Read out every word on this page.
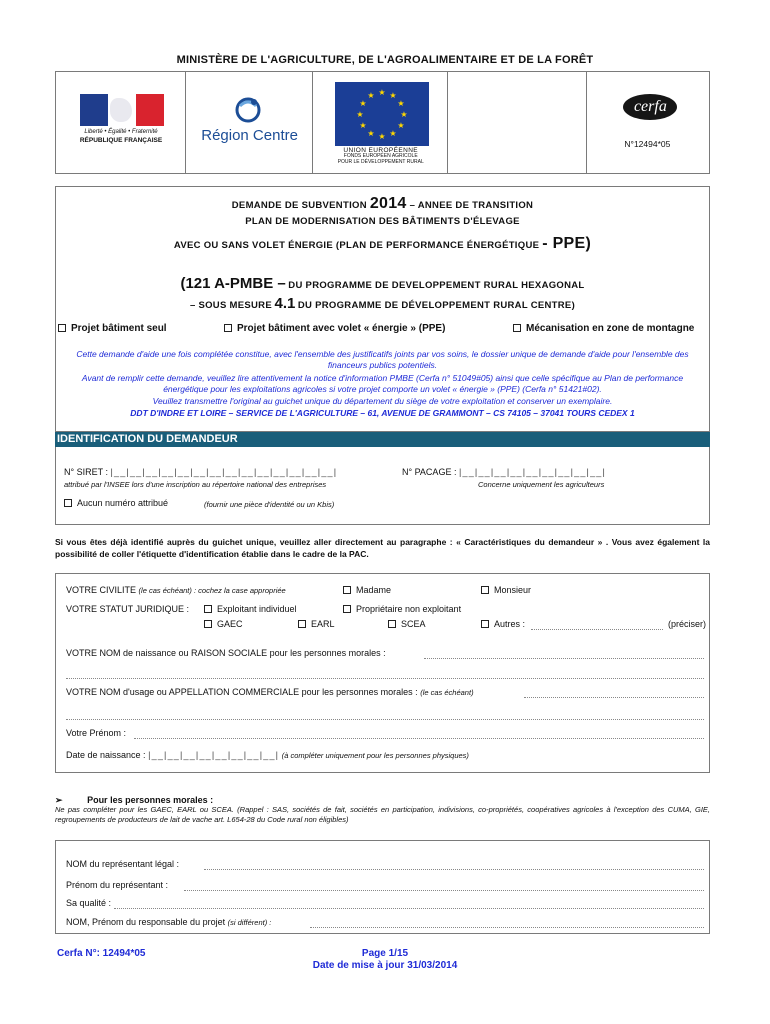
MINISTÈRE DE L'AGRICULTURE, DE L'AGROALIMENTAIRE ET DE LA FORÊT
Liberté • Égalité • Fraternité
RÉPUBLIQUE FRANÇAISE	Région Centre
★ ★
★
★
★
★
★
★
★
★
★
★
UNION EUROPÉENNE
FONDS EUROPÉEN AGRICOLE
POUR LE DÉVELOPPEMENT RURAL
cerfa
N°12494*05
DEMANDE DE SUBVENTION 2014 – ANNEE DE TRANSITION
PLAN DE MODERNISATION DES BÂTIMENTS D'ÉLEVAGE
AVEC OU SANS VOLET ÉNERGIE (PLAN DE PERFORMANCE ÉNERGÉTIQUE - PPE)
(121 A-PMBE – DU PROGRAMME DE DEVELOPPEMENT RURAL HEXAGONAL
– SOUS MESURE 4.1 DU PROGRAMME DE DÉVELOPPEMENT RURAL CENTRE)
Projet bâtiment seul	Projet bâtiment avec volet « énergie » (PPE)	Mécanisation en zone de montagne
Cette demande d'aide une fois complétée constitue, avec l'ensemble des justificatifs joints par vos soins, le dossier unique de demande d'aide pour l'ensemble des financeurs publics potentiels.
Avant de remplir cette demande, veuillez lire attentivement la notice d'information PMBE (Cerfa n° 51049#05) ainsi que celle spécifique au Plan de performance énergétique pour les exploitations agricoles si votre projet comporte un volet « énergie » (PPE) (Cerfa n° 51421#02).
Veuillez transmettre l'original au guichet unique du département du siège de votre exploitation et conserver un exemplaire.
DDT D'INDRE ET LOIRE – SERVICE DE L'AGRICULTURE – 61, AVENUE DE GRAMMONT – CS 74105 – 37041 TOURS CEDEX 1
IDENTIFICATION DU DEMANDEUR
N° SIRET : |__|__|__|__|__|__|__|__|__|__|__|__|__|__|
attribué par l'INSEE lors d'une inscription au répertoire national des entreprises
N° PACAGE : |__|__|__|__|__|__|__|__|__|
Concerne uniquement les agriculteurs
Aucun numéro attribué	(fournir une pièce d'identité ou un Kbis)
Si vous êtes déjà identifié auprès du guichet unique, veuillez aller directement au paragraphe : « Caractéristiques du demandeur » . Vous avez également la possibilité de coller l'étiquette d'identification établie dans le cadre de la PAC.
VOTRE CIVILITE (le cas échéant) : cochez la case appropriée	Madame	Monsieur
VOTRE STATUT JURIDIQUE :	Exploitant individuel	Propriétaire non exploitant
GAEC	EARL	SCEA	Autres :	(préciser)
VOTRE NOM de naissance ou RAISON SOCIALE pour les personnes morales :
VOTRE NOM d'usage ou APPELLATION COMMERCIALE pour les personnes morales : (le cas échéant)
Votre Prénom :
Date de naissance : |__|__|__|__|__|__|__|__| (à compléter uniquement pour les personnes physiques)
➢	Pour les personnes morales :
Ne pas compléter pour les GAEC, EARL ou SCEA. (Rappel : SAS, sociétés de fait, sociétés en participation, indivisions, co-propriétés, coopératives agricoles à l'exception des CUMA, GIE, regroupements de producteurs de lait de vache art. L654-28 du Code rural non éligibles)
NOM du représentant légal :
Prénom du représentant :
Sa qualité :
NOM, Prénom du responsable du projet (si différent) :
Cerfa N°: 12494*05	Page 1/15
Date de mise à jour 31/03/2014
